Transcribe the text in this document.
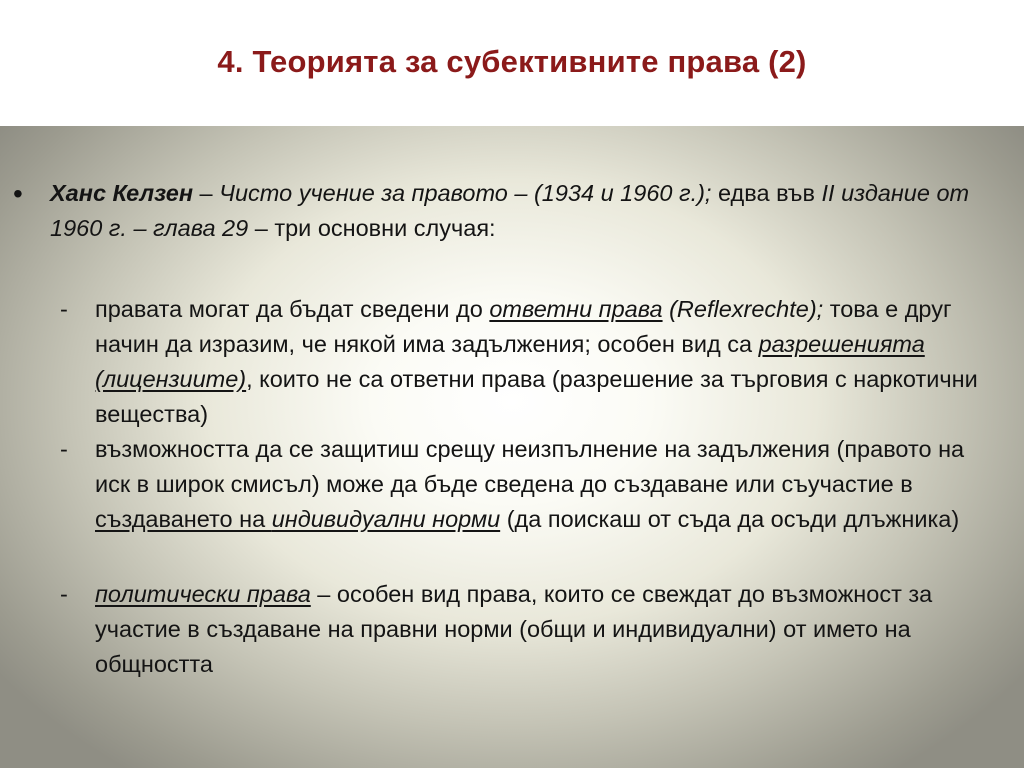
4. Теорията за субективните права (2)
• Ханс Келзен – Чисто учение за правото – (1934 и 1960 г.); едва във II издание от 1960 г. – глава 29 – три основни случая:
- правата могат да бъдат сведени до ответни права (Reflexrechte); това е друг начин да изразим, че някой има задължения; особен вид са разрешенията (лицензиите), които не са ответни права (разрешение за търговия с наркотични вещества)
- възможността да се защитиш срещу неизпълнение на задължения (правото на иск в широк смисъл) може да бъде сведена до създаване или съучастие в създаването на индивидуални норми (да поискаш от съда да осъди длъжника)
- политически права – особен вид права, които се свеждат до възможност за участие в създаване на правни норми (общи и индивидуални) от името на общността
